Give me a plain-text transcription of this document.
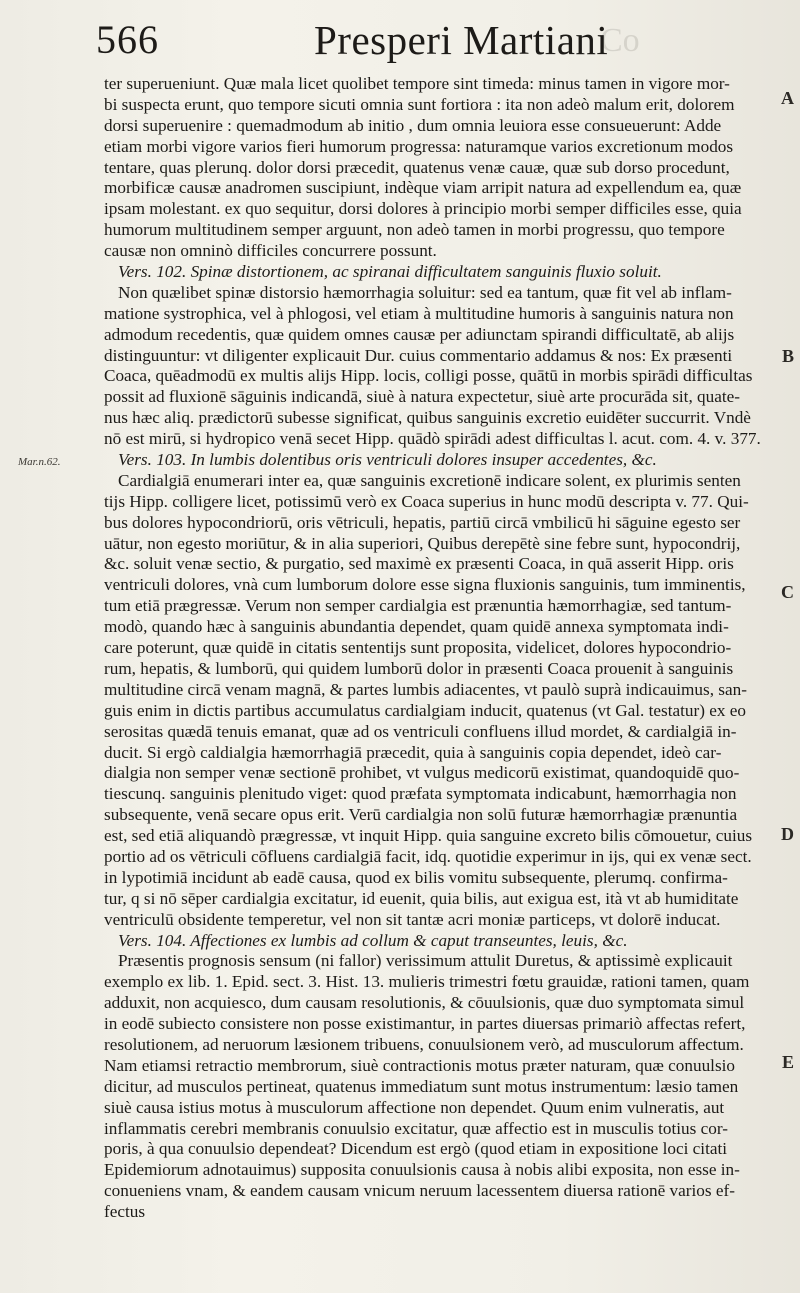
Co
566	Presperi Martiani
Mar.n.62.
A
B
C
D
E
ter superueniunt. Quæ mala licet quolibet tempore sint timeda: minus tamen in vigore mor-
bi suspecta erunt, quo tempore sicuti omnia sunt fortiora : ita non adeò malum erit, dolorem
dorsi superuenire : quemadmodum ab initio , dum omnia leuiora esse consueuerunt: Adde
etiam morbi vigore varios fieri humorum progressa: naturamque varios excretionum modos
tentare, quas plerunq. dolor dorsi præcedit, quatenus venæ cauæ, quæ sub dorso procedunt,
morbificæ causæ anadromen suscipiunt, indèque viam arripit natura ad expellendum ea, quæ
ipsam molestant. ex quo sequitur, dorsi dolores à principio morbi semper difficiles esse, quia
humorum multitudinem semper arguunt, non adeò tamen in morbi progressu, quo tempore
causæ non omninò difficiles concurrere possunt.
Vers. 102. Spinæ distortionem, ac spiranai difficultatem sanguinis fluxio soluit.
Non quælibet spinæ distorsio hæmorrhagia soluitur: sed ea tantum, quæ fit vel ab inflam-
matione systrophica, vel à phlogosi, vel etiam à multitudine humoris à sanguinis natura non
admodum recedentis, quæ quidem omnes causæ per adiunctam spirandi difficultatē, ab alijs
distinguuntur: vt diligenter explicauit Dur. cuius commentario addamus & nos: Ex præsenti
Coaca, quēadmodū ex multis alijs Hipp. locis, colligi posse, quātū in morbis spirādi difficultas
possit ad fluxionē sāguinis indicandā, siuè à natura expectetur, siuè arte procurāda sit, quate-
nus hæc aliq. prædictorū subesse significat, quibus sanguinis excretio euidēter succurrit. Vndè
nō est mirū, si hydropico venā secet Hipp. quādò spirādi adest difficultas l. acut. com. 4. v. 377.
Vers. 103. In lumbis dolentibus oris ventriculi dolores insuper accedentes, &c.
Cardialgiā enumerari inter ea, quæ sanguinis excretionē indicare solent, ex plurimis senten
tijs Hipp. colligere licet, potissimū verò ex Coaca superius in hunc modū descripta v. 77. Qui-
bus dolores hypocondriorū, oris vētriculi, hepatis, partiū circā vmbilicū hi sāguine egesto ser
uātur, non egesto moriūtur, & in alia superiori, Quibus derepētè sine febre sunt, hypocondrij,
&c. soluit venæ sectio, & purgatio, sed maximè ex præsenti Coaca, in quā asserit Hipp. oris
ventriculi dolores, vnà cum lumborum dolore esse signa fluxionis sanguinis, tum imminentis,
tum etiā prægressæ. Verum non semper cardialgia est prænuntia hæmorrhagiæ, sed tantum-
modò, quando hæc à sanguinis abundantia dependet, quam quidē annexa symptomata indi-
care poterunt, quæ quidē in citatis sententijs sunt proposita, videlicet, dolores hypocondrio-
rum, hepatis, & lumborū, qui quidem lumborū dolor in præsenti Coaca prouenit à sanguinis
multitudine circā venam magnā, & partes lumbis adiacentes, vt paulò suprà indicauimus, san-
guis enim in dictis partibus accumulatus cardialgiam inducit, quatenus (vt Gal. testatur) ex eo
serositas quædā tenuis emanat, quæ ad os ventriculi confluens illud mordet, & cardialgiā in-
ducit. Si ergò caldialgia hæmorrhagiā præcedit, quia à sanguinis copia dependet, ideò car-
dialgia non semper venæ sectionē prohibet, vt vulgus medicorū existimat, quandoquidē quo-
tiescunq. sanguinis plenitudo viget: quod præfata symptomata indicabunt, hæmorrhagia non
subsequente, venā secare opus erit. Verū cardialgia non solū futuræ hæmorrhagiæ prænuntia
est, sed etiā aliquandò prægressæ, vt inquit Hipp. quia sanguine excreto bilis cōmouetur, cuius
portio ad os vētriculi cōfluens cardialgiā facit, idq. quotidie experimur in ijs, qui ex venæ sect.
in lypotimiā incidunt ab eadē causa, quod ex bilis vomitu subsequente, plerumq. confirma-
tur, q si nō sēper cardialgia excitatur, id euenit, quia bilis, aut exigua est, ità vt ab humiditate
ventriculū obsidente temperetur, vel non sit tantæ acri moniæ particeps, vt dolorē inducat.
Vers. 104. Affectiones ex lumbis ad collum & caput transeuntes, leuis, &c.
Præsentis prognosis sensum (ni fallor) verissimum attulit Duretus, & aptissimè explicauit
exemplo ex lib. 1. Epid. sect. 3. Hist. 13. mulieris trimestri fœtu grauidæ, rationi tamen, quam
adduxit, non acquiesco, dum causam resolutionis, & cōuulsionis, quæ duo symptomata simul
in eodē subiecto consistere non posse existimantur, in partes diuersas primariò affectas refert,
resolutionem, ad neruorum læsionem tribuens, conuulsionem verò, ad musculorum affectum.
Nam etiamsi retractio membrorum, siuè contractionis motus præter naturam, quæ conuulsio
dicitur, ad musculos pertineat, quatenus immediatum sunt motus instrumentum: læsio tamen
siuè causa istius motus à musculorum affectione non dependet. Quum enim vulneratis, aut
inflammatis cerebri membranis conuulsio excitatur, quæ affectio est in musculis totius cor-
poris, à qua conuulsio dependeat? Dicendum est ergò (quod etiam in expositione loci citati
Epidemiorum adnotauimus) supposita conuulsionis causa à nobis alibi exposita, non esse in-
conueniens vnam, & eandem causam vnicum neruum lacessentem diuersa rationē varios ef-
fectus
